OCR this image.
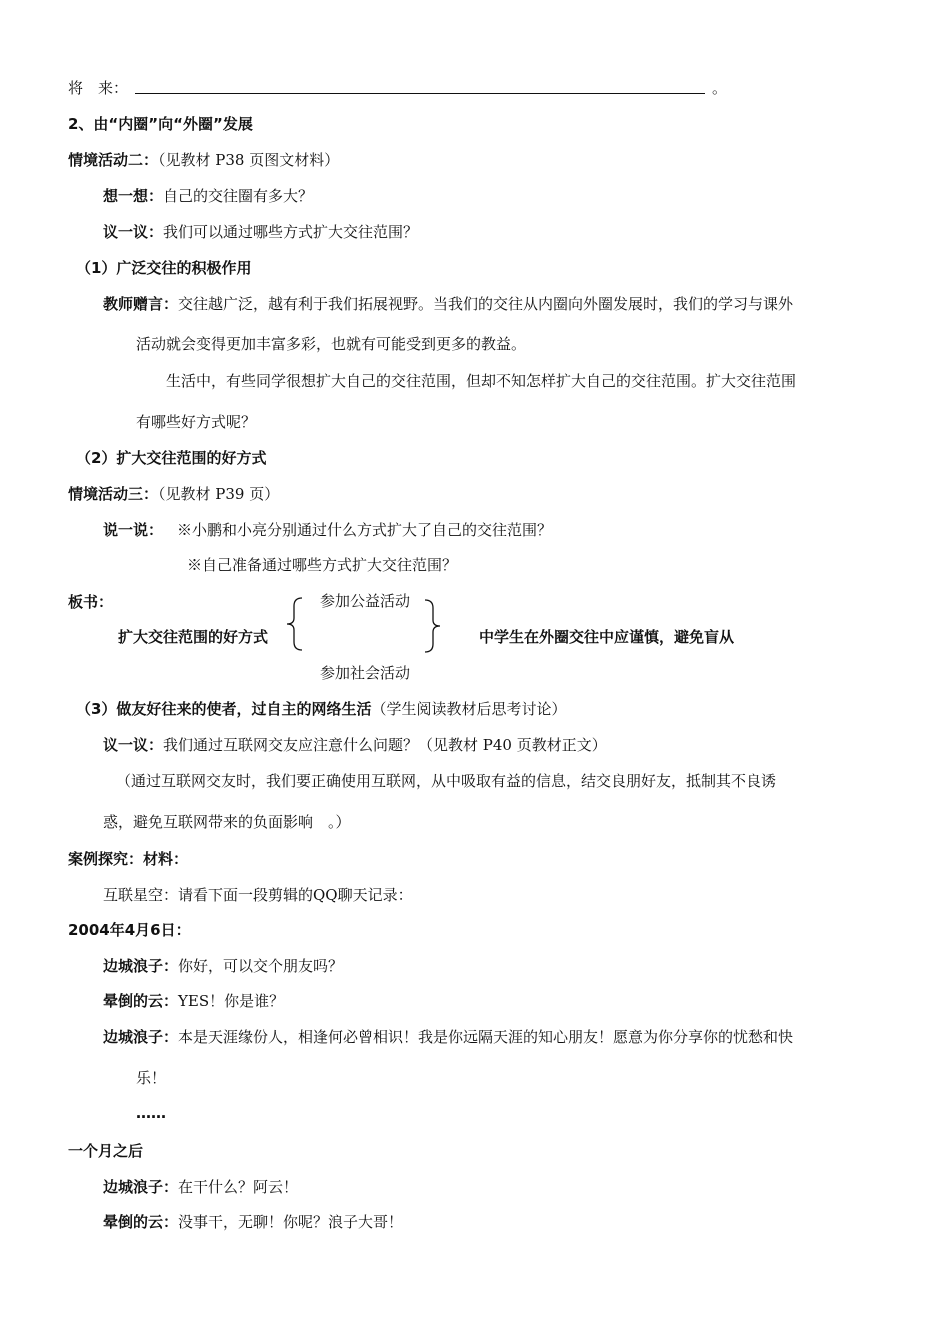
将　来：	。
2、由“内圈”向“外圈”发展
情境活动二：（见教材 P38 页图文材料）
想一想：自己的交往圈有多大？
议一议：我们可以通过哪些方式扩大交往范围？
（1）广泛交往的积极作用
教师赠言：交往越广泛，越有利于我们拓展视野。当我们的交往从内圈向外圈发展时，我们的学习与课外
活动就会变得更加丰富多彩，也就有可能受到更多的教益。
生活中，有些同学很想扩大自己的交往范围，但却不知怎样扩大自己的交往范围。扩大交往范围
有哪些好方式呢？
（2）扩大交往范围的好方式
情境活动三：（见教材 P39 页）
说一说： ※小鹏和小亮分别通过什么方式扩大了自己的交往范围？
※自己准备通过哪些方式扩大交往范围？
板书：	参加公益活动
扩大交往范围的好方式	中学生在外圈交往中应谨慎，避免盲从
参加社会活动
（3）做友好往来的使者，过自主的网络生活（学生阅读教材后思考讨论）
议一议：我们通过互联网交友应注意什么问题？（见教材 P40 页教材正文）
（通过互联网交友时，我们要正确使用互联网，从中吸取有益的信息，结交良朋好友，抵制其不良诱
惑，避免互联网带来的负面影响　。）
案例探究：材料：
互联星空：请看下面一段剪辑的QQ聊天记录：
2004年4月6日：
边城浪子：你好，可以交个朋友吗？
晕倒的云：YES！你是谁？
边城浪子：本是天涯缘份人，相逢何必曾相识！我是你远隔天涯的知心朋友！愿意为你分享你的忧愁和快
乐！
……
一个月之后
边城浪子：在干什么？阿云！
晕倒的云：没事干，无聊！你呢？浪子大哥！
